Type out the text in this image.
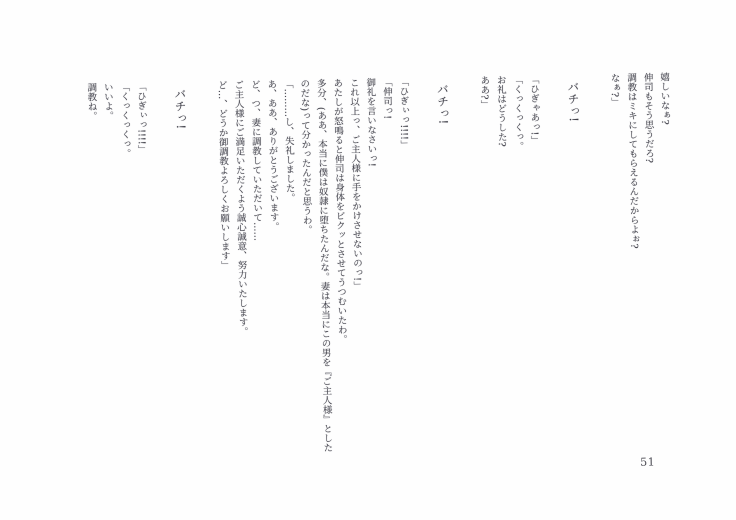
嬉しいなぁ?

伸司もそう思うだろ?

調教はミキにしてもらえるんだからよぉ?

なぁ?」

バチっ!

「ひぎゃあっ!」

「くっくっくっ。

お礼はどうした?

ああ?」

バチっ!

「ひぎぃっ!!!!」

「伸司っ!

御礼を言いなさいっ!

これ以上っ、ご主人様に手をかけさせないのっ!」

あたしが怒鳴ると伸司は身体をビクッとさせてうつむいたわ。

多分、(ああ、本当に僕は奴隷に堕ちたんだな。妻は本当にこの男を『ご主人様』とした

のだな)って分かったんだと思うわ。

「………し、失礼しました。

あ、ああ、ありがとうございます。

ど、つ、妻に調教していただいて……

ご主人様にご満足いただくよう誠心誠意、努力いたします。

ど…、どうか御調教よろしくお願いします」

バチっ!

「ひぎぃっ!!!!」

「くっくっくっ。

いいよ。

調教ね。

51
